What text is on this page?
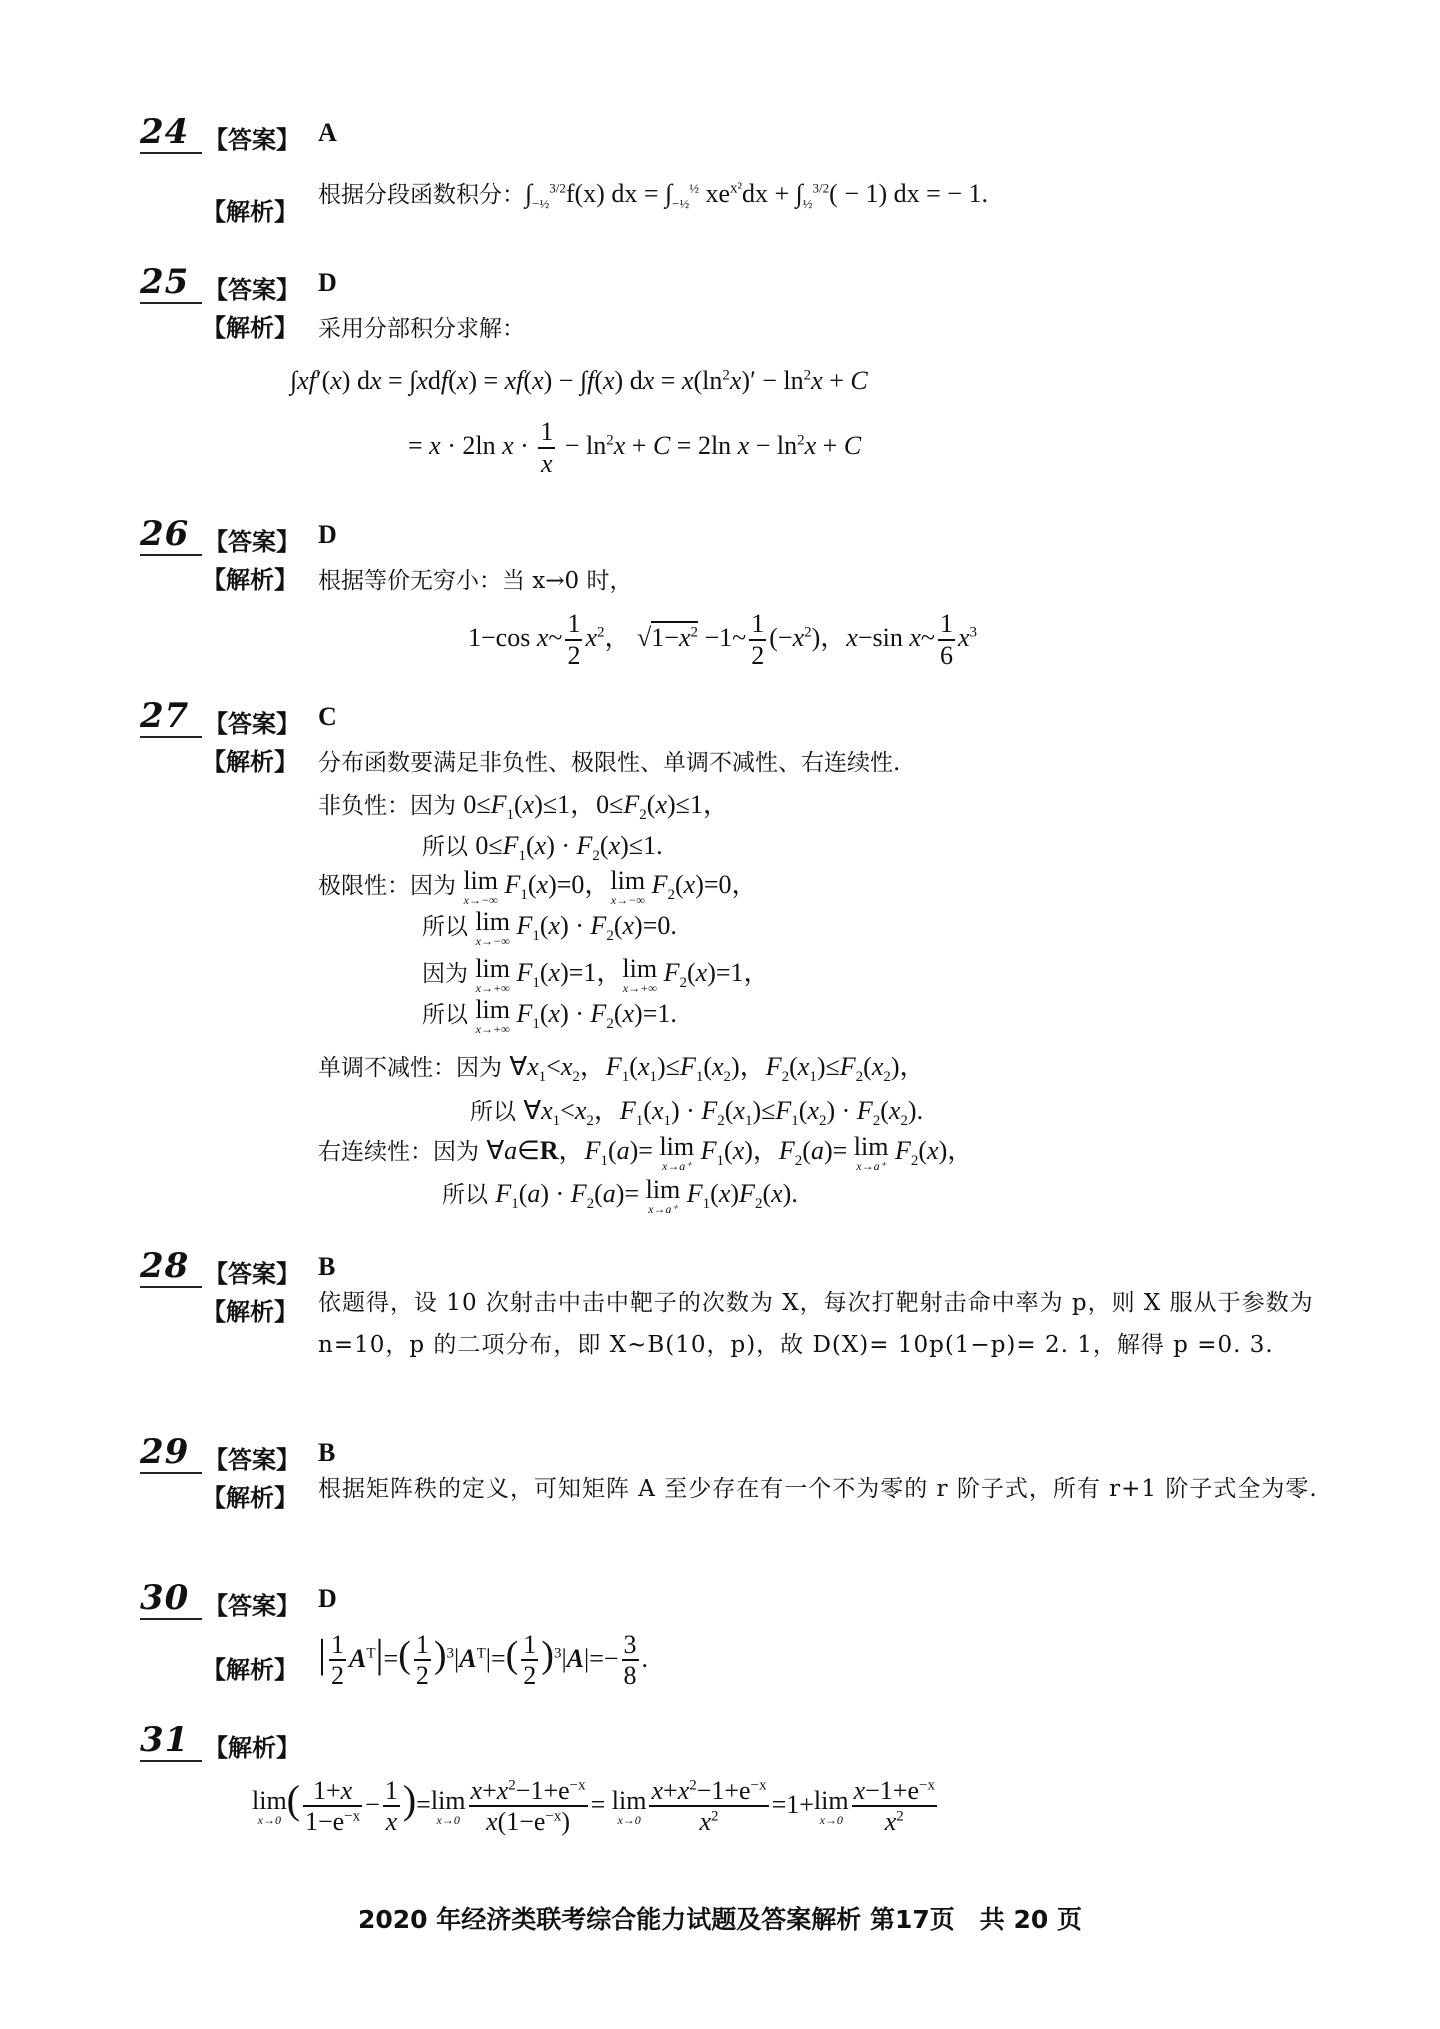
24 【答案】 A
【解析】
根据分段函数积分：$\int_{-\frac{1}{2}}^{3/2}f(x)$ dx = $\int_{-\frac{1}{2}}^{\frac{1}{2}}$ $xe^{x^2}dx + \int_{\frac{1}{2}}^{3/2}( - 1)$ dx = − 1.
25 【答案】 D
【解析】 采用分部积分求解：
∫xf′(x) dx = ∫xdf(x) = xf(x) − ∫f(x) dx = $x(\ln^2x)' - \ln^2x + C$
= x · 2ln $x \cdot \frac{1}{x} - \ln^2x + C = 2\ln$ $x - \ln^2x + C$
26 【答案】 D
【解析】 根据等价无穷小：当 x→0 时，
1−cos x~ $\frac{1}{2} x^2$， $√1-x^2$ −1~ $\frac{1}{2} (-x^2)$，x−sin x~ $\frac{1}{6} x^3$
27 【答案】 C
【解析】 分布函数要满足非负性、极限性、单调不减性、右连续性.
非负性：因为 $0\le F_1(x)\le 1$，$0\le F_2(x)\le 1$，
所以 $0\le F_1(x) \cdot F_2(x)\le 1$.
极限性：因为 lim
x→−∞
$F_1(x)=0$，lim
x→−∞
$F_2(x)=0$，
所以 lim
x→−∞
$F_1(x) \cdot F_2(x)=0$.
因为 lim
x→+∞
$F_1(x)=1$，lim
x→+∞
$F_2(x)=1$，
所以 lim
x→+∞
$F_1(x) \cdot F_2(x)=1$.
单调不减性：因为 $\forall x_1<x_2$，$F_1(x_1)\le F_1(x_2)$，$F_2(x_1)\le F_2(x_2)$，
所以 $\forall x_1<x_2$，$F_1(x_1) \cdot F_2(x_1)\le F_1(x_2) \cdot F_2(x_2)$.
右连续性：因为 ∀a∈R，$F_1(a)= \lim$
x→a⁺
$F_1(x)$，$F_2(a)= \lim$
x→a⁺
$F_2(x)$，
所以 $F_1(a) \cdot F_2(a)= \lim$
x→a⁺
$F_1(x)F_2(x)$.
28 【答案】 B
【解析】 依题得，设 10 次射击中击中靶子的次数为 X，每次打靶射击命中率为 p，则 X 服从于参数为 n=10，p 的二项分布，即 X~B(10，p)，故 D(X)= 10p(1−p)= 2. 1，解得 p =0. 3.
29 【答案】 B
【解析】 根据矩阵秩的定义，可知矩阵 A 至少存在有一个不为零的 r 阶子式，所有 r+1 阶子式全为零.
30 【答案】 D
【解析】 | $\frac{1}{2} A^T|=( \frac{1}{2} )^3|A^T|=( \frac{1}{2} )^3|A|=- \frac{3}{8}$ .
31 【解析】
lim
x→0 ( $\frac{1+x}{1-e^{-x}} - \frac{1}{x} )=\lim$
$x\to 0 \frac{x+x^2-1+e^{-x}}{x(1-e^{-x})} = \lim$
$x\to 0 \frac{x+x^2-1+e^{-x}}{x^2} =1+\lim$
$x\to 0 \frac{x-1+e^{-x}}{x^2}$
2020 年经济类联考综合能力试题及答案解析 第17页　共 20 页
